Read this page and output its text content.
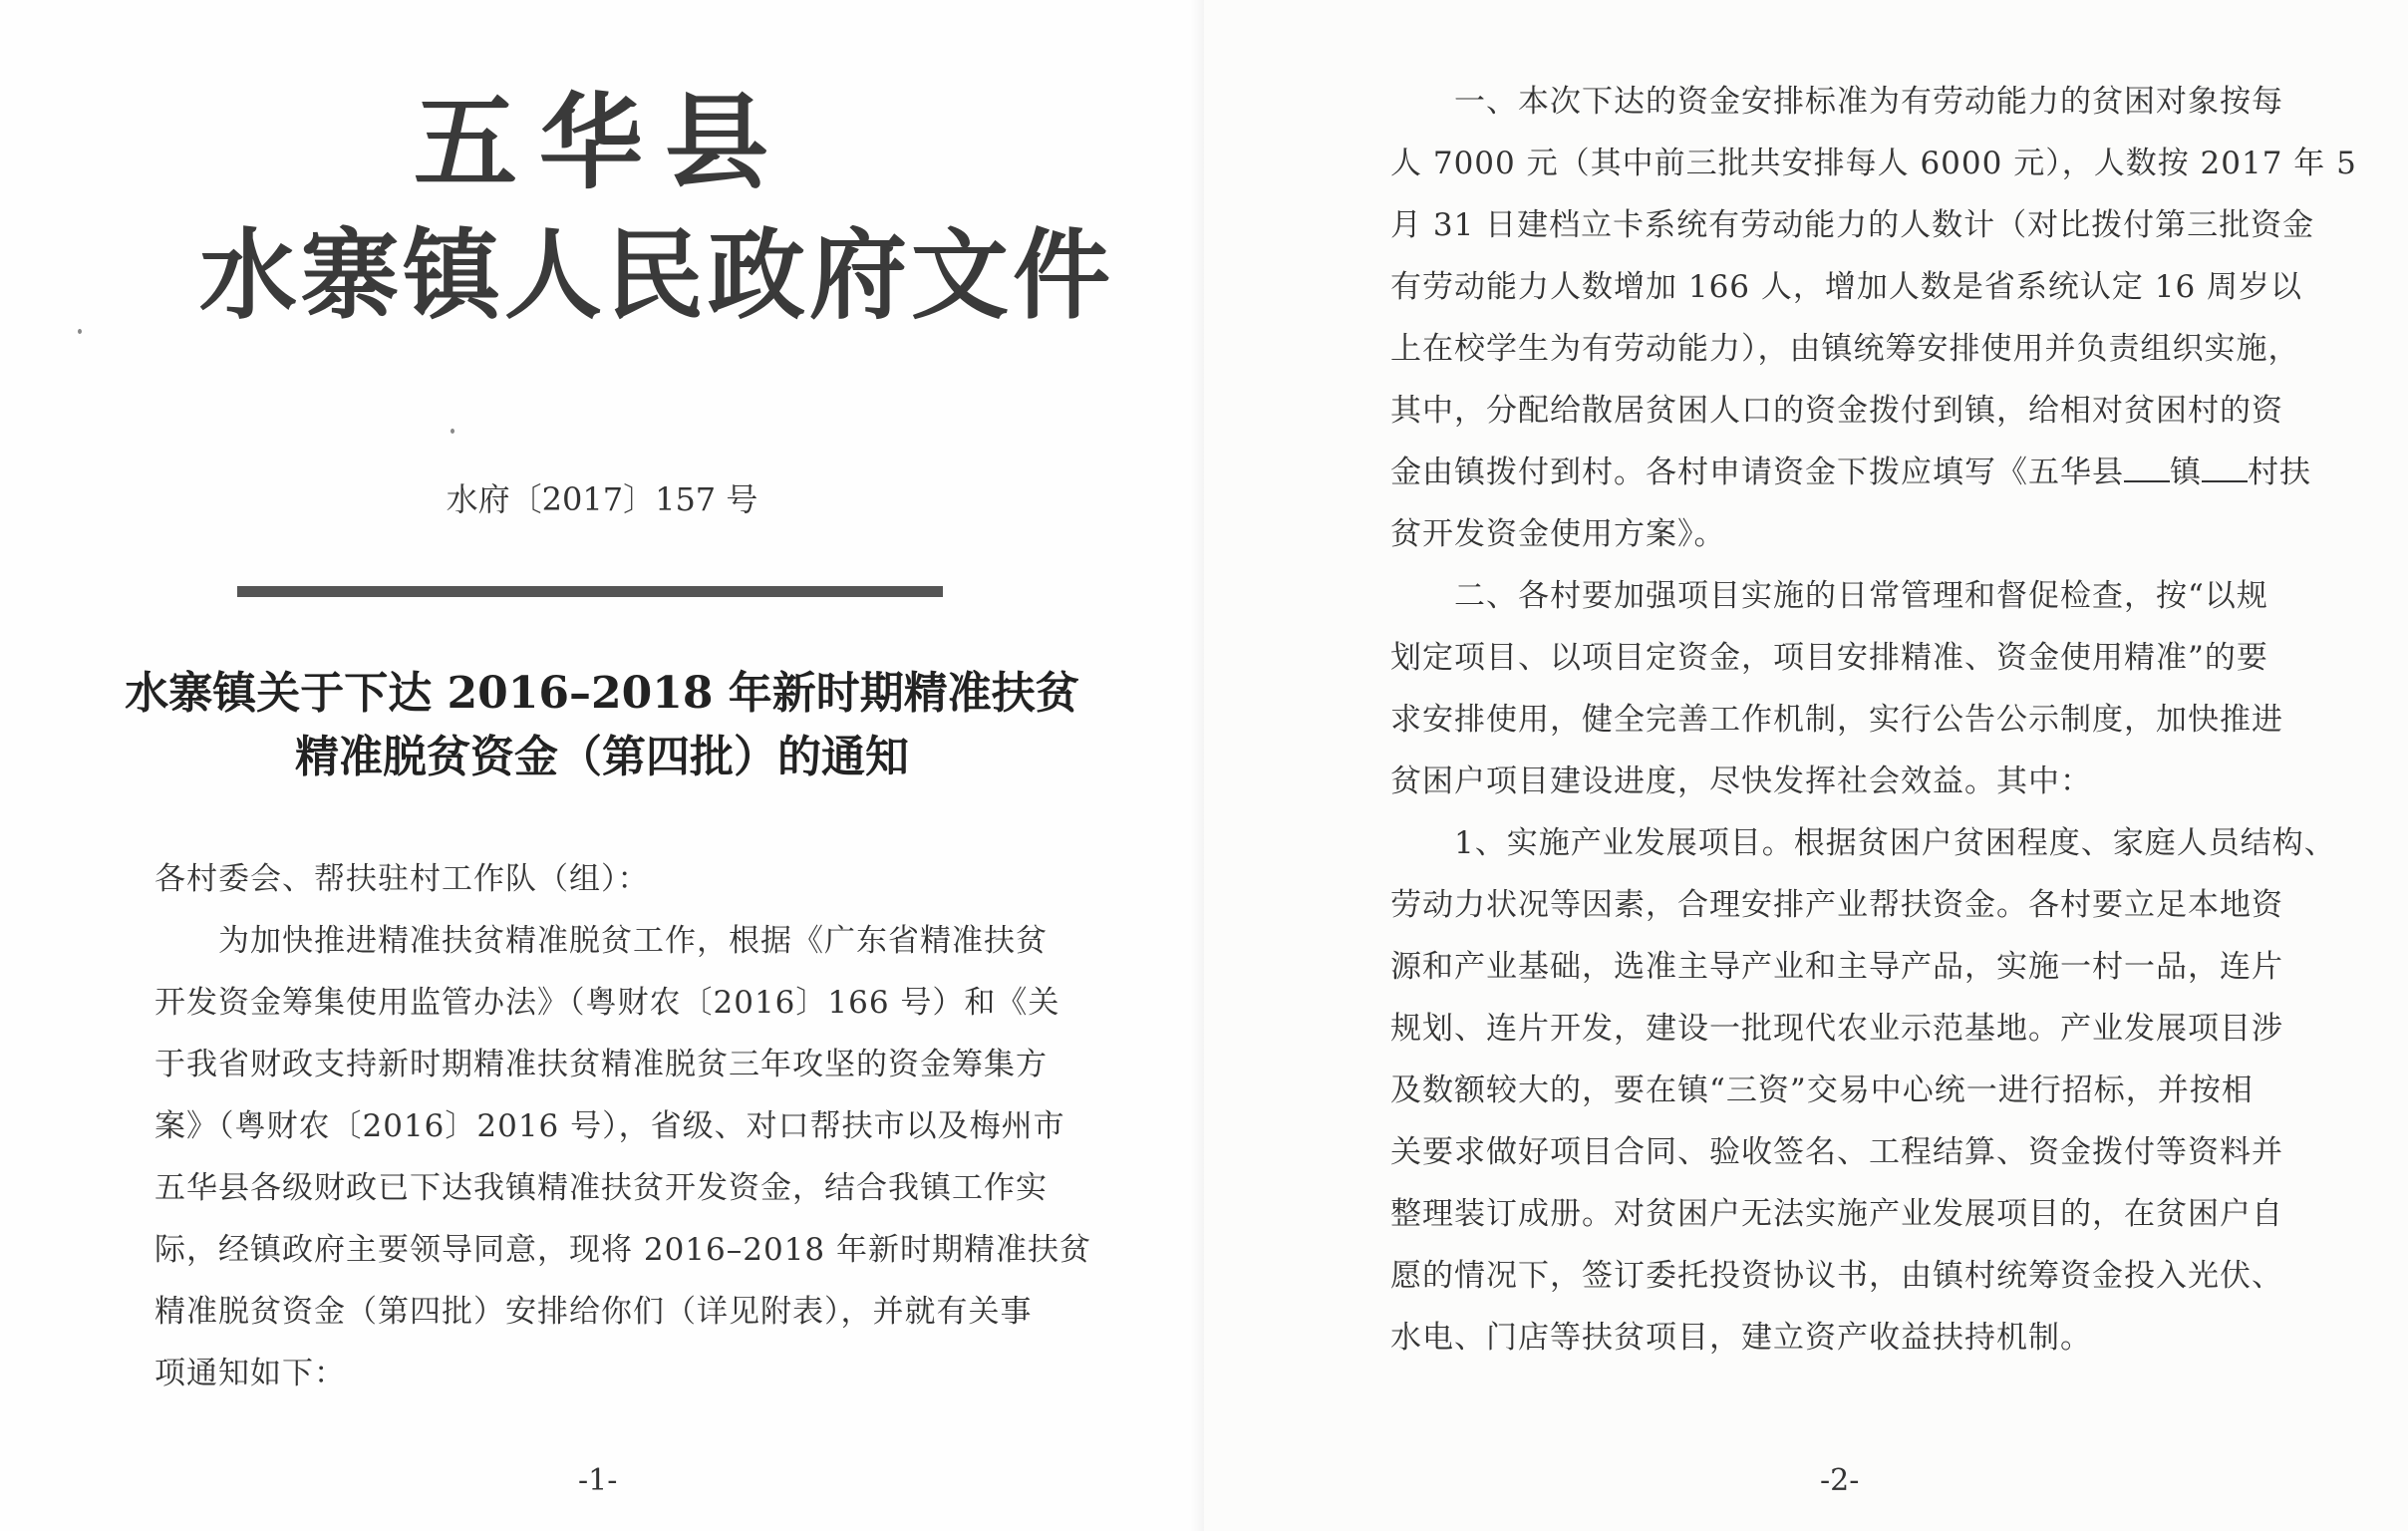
五华县
水寨镇人民政府文件
水府〔2017〕157 号
水寨镇关于下达 2016–2018 年新时期精准扶贫
精准脱贫资金（第四批）的通知
各村委会、帮扶驻村工作队（组）：
　　为加快推进精准扶贫精准脱贫工作，根据《广东省精准扶贫
开发资金筹集使用监管办法》（粤财农〔2016〕166 号）和《关
于我省财政支持新时期精准扶贫精准脱贫三年攻坚的资金筹集方
案》（粤财农〔2016〕2016 号），省级、对口帮扶市以及梅州市
五华县各级财政已下达我镇精准扶贫开发资金，结合我镇工作实
际，经镇政府主要领导同意，现将 2016–2018 年新时期精准扶贫
精准脱贫资金（第四批）安排给你们（详见附表），并就有关事
项通知如下：
-1-	-2-
　　一、本次下达的资金安排标准为有劳动能力的贫困对象按每
人 7000 元（其中前三批共安排每人 6000 元），人数按 2017 年 5
月 31 日建档立卡系统有劳动能力的人数计（对比拨付第三批资金
有劳动能力人数增加 166 人，增加人数是省系统认定 16 周岁以
上在校学生为有劳动能力），由镇统筹安排使用并负责组织实施，
其中，分配给散居贫困人口的资金拨付到镇，给相对贫困村的资
金由镇拨付到村。各村申请资金下拨应填写《五华县 镇 村扶
贫开发资金使用方案》。
　　二、各村要加强项目实施的日常管理和督促检查，按“以规
划定项目、以项目定资金，项目安排精准、资金使用精准”的要
求安排使用，健全完善工作机制，实行公告公示制度，加快推进
贫困户项目建设进度，尽快发挥社会效益。其中：
　　1、实施产业发展项目。根据贫困户贫困程度、家庭人员结构、
劳动力状况等因素，合理安排产业帮扶资金。各村要立足本地资
源和产业基础，选准主导产业和主导产品，实施一村一品，连片
规划、连片开发，建设一批现代农业示范基地。产业发展项目涉
及数额较大的，要在镇“三资”交易中心统一进行招标，并按相
关要求做好项目合同、验收签名、工程结算、资金拨付等资料并
整理装订成册。对贫困户无法实施产业发展项目的，在贫困户自
愿的情况下，签订委托投资协议书，由镇村统筹资金投入光伏、
水电、门店等扶贫项目，建立资产收益扶持机制。
